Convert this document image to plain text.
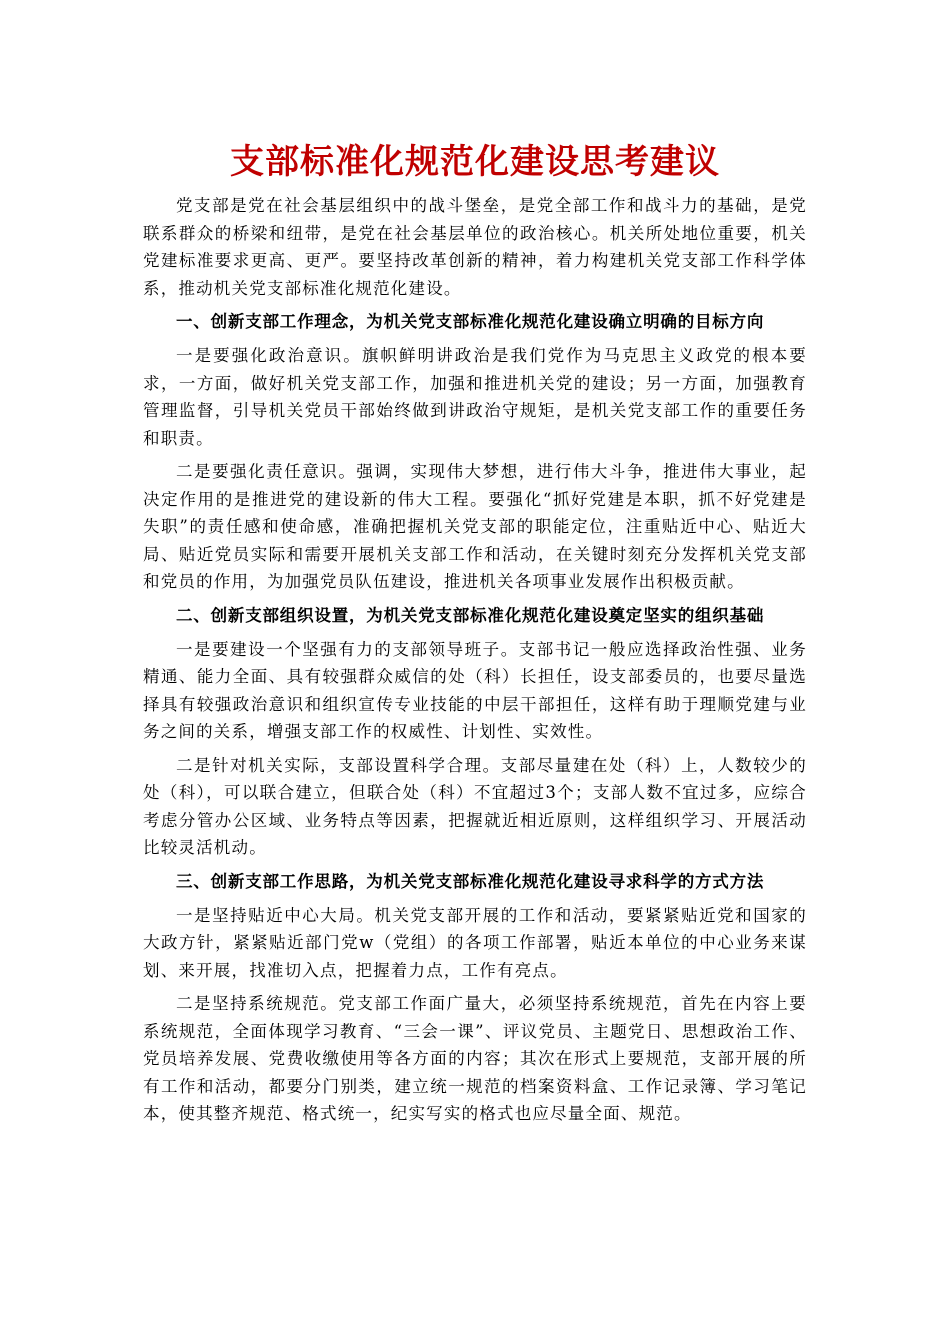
支部标准化规范化建设思考建议

党支部是党在社会基层组织中的战斗堡垒，是党全部工作和战斗力的基础，是党联系群众的桥梁和纽带，是党在社会基层单位的政治核心。机关所处地位重要，机关党建标准要求更高、更严。要坚持改革创新的精神，着力构建机关党支部工作科学体系，推动机关党支部标准化规范化建设。

一、创新支部工作理念，为机关党支部标准化规范化建设确立明确的目标方向

一是要强化政治意识。旗帜鲜明讲政治是我们党作为马克思主义政党的根本要求，一方面，做好机关党支部工作，加强和推进机关党的建设；另一方面，加强教育管理监督，引导机关党员干部始终做到讲政治守规矩，是机关党支部工作的重要任务和职责。

二是要强化责任意识。强调，实现伟大梦想，进行伟大斗争，推进伟大事业，起决定作用的是推进党的建设新的伟大工程。要强化“抓好党建是本职，抓不好党建是失职”的责任感和使命感，准确把握机关党支部的职能定位，注重贴近中心、贴近大局、贴近党员实际和需要开展机关支部工作和活动，在关键时刻充分发挥机关党支部和党员的作用，为加强党员队伍建设，推进机关各项事业发展作出积极贡献。

二、创新支部组织设置，为机关党支部标准化规范化建设奠定坚实的组织基础

一是要建设一个坚强有力的支部领导班子。支部书记一般应选择政治性强、业务精通、能力全面、具有较强群众威信的处（科）长担任，设支部委员的，也要尽量选择具有较强政治意识和组织宣传专业技能的中层干部担任，这样有助于理顺党建与业务之间的关系，增强支部工作的权威性、计划性、实效性。

二是针对机关实际，支部设置科学合理。支部尽量建在处（科）上，人数较少的处（科），可以联合建立，但联合处（科）不宜超过3个；支部人数不宜过多，应综合考虑分管办公区域、业务特点等因素，把握就近相近原则，这样组织学习、开展活动比较灵活机动。

三、创新支部工作思路，为机关党支部标准化规范化建设寻求科学的方式方法

一是坚持贴近中心大局。机关党支部开展的工作和活动，要紧紧贴近党和国家的大政方针，紧紧贴近部门党w（党组）的各项工作部署，贴近本单位的中心业务来谋划、来开展，找准切入点，把握着力点，工作有亮点。

二是坚持系统规范。党支部工作面广量大，必须坚持系统规范，首先在内容上要系统规范，全面体现学习教育、“三会一课”、评议党员、主题党日、思想政治工作、党员培养发展、党费收缴使用等各方面的内容；其次在形式上要规范，支部开展的所有工作和活动，都要分门别类，建立统一规范的档案资料盒、工作记录簿、学习笔记本，使其整齐规范、格式统一，纪实写实的格式也应尽量全面、规范。
